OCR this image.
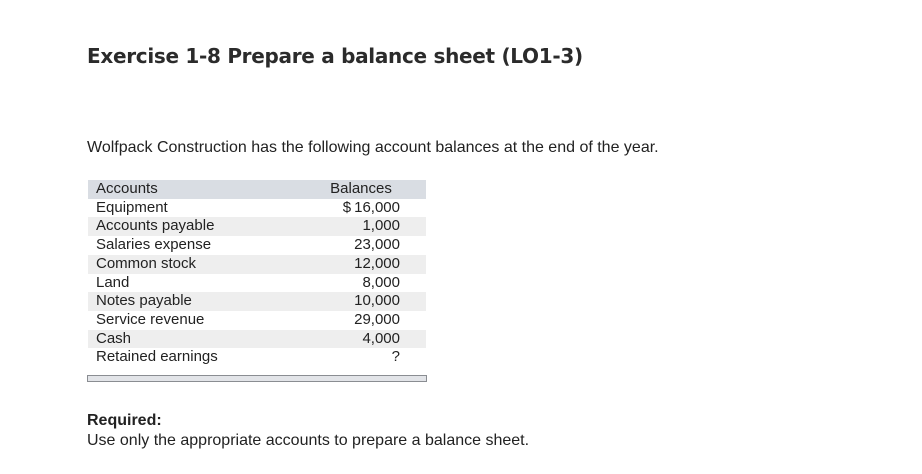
Exercise 1-8 Prepare a balance sheet (LO1-3)
Wolfpack Construction has the following account balances at the end of the year.
Accounts	Balances
Equipment	$ 16,000
Accounts payable	1,000
Salaries expense	23,000
Common stock	12,000
Land	8,000
Notes payable	10,000
Service revenue	29,000
Cash	4,000
Retained earnings	?
Required:
Use only the appropriate accounts to prepare a balance sheet.
